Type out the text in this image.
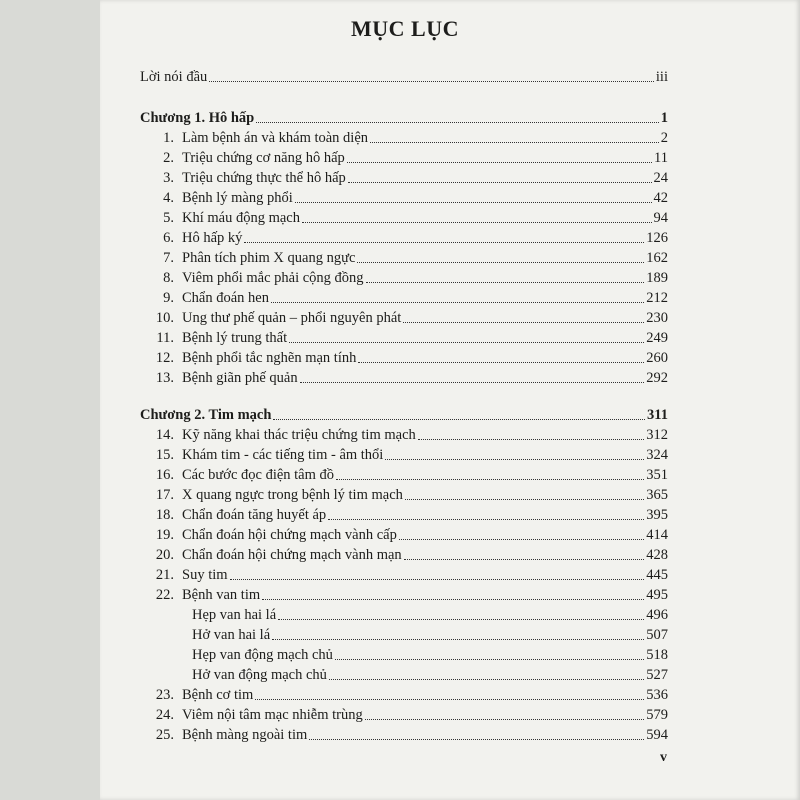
MỤC LỤC
Lời nói đầu	iii
Chương 1. Hô hấp	1
1. Làm bệnh án và khám toàn diện	2
2. Triệu chứng cơ năng hô hấp	11
3. Triệu chứng thực thể hô hấp	24
4. Bệnh lý màng phổi	42
5. Khí máu động mạch	94
6. Hô hấp ký	126
7. Phân tích phim X quang ngực	162
8. Viêm phổi mắc phải cộng đồng	189
9. Chẩn đoán hen	212
10. Ung thư phế quản – phổi nguyên phát	230
11. Bệnh lý trung thất	249
12. Bệnh phổi tắc nghẽn mạn tính	260
13. Bệnh giãn phế quản	292
Chương 2. Tim mạch	311
14. Kỹ năng khai thác triệu chứng tim mạch	312
15. Khám tim - các tiếng tim - âm thổi	324
16. Các bước đọc điện tâm đồ	351
17. X quang ngực trong bệnh lý tim mạch	365
18. Chẩn đoán tăng huyết áp	395
19. Chẩn đoán hội chứng mạch vành cấp	414
20. Chẩn đoán hội chứng mạch vành mạn	428
21. Suy tim	445
22. Bệnh van tim	495
Hẹp van hai lá	496
Hở van hai lá	507
Hẹp van động mạch chủ	518
Hở van động mạch chủ	527
23. Bệnh cơ tim	536
24. Viêm nội tâm mạc nhiễm trùng	579
25. Bệnh màng ngoài tim	594
v
